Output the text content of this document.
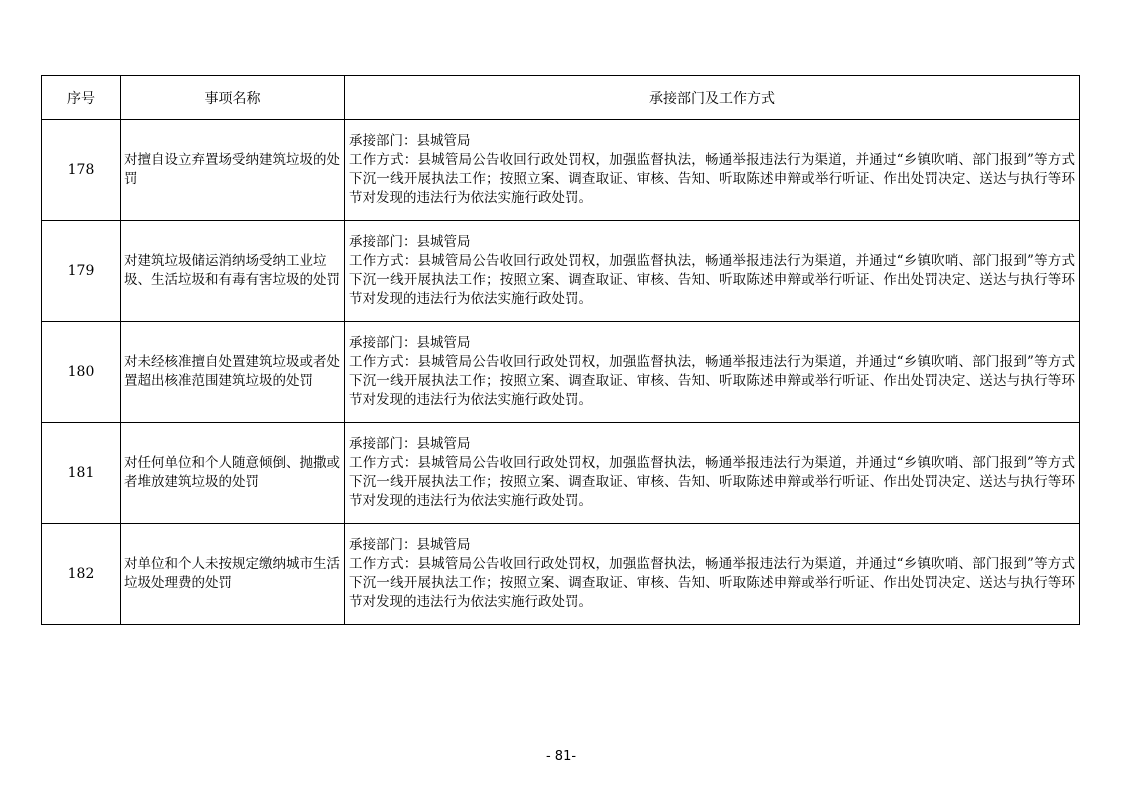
序号	事项名称	承接部门及工作方式
178	对擅自设立弃置场受纳建筑垃圾的处罚	承接部门：县城管局
工作方式：县城管局公告收回行政处罚权，加强监督执法，畅通举报违法行为渠道，并通过“乡镇吹哨、部门报到”等方式下沉一线开展执法工作；按照立案、调查取证、审核、告知、听取陈述申辩或举行听证、作出处罚决定、送达与执行等环节对发现的违法行为依法实施行政处罚。

179	对建筑垃圾储运消纳场受纳工业垃圾、生活垃圾和有毒有害垃圾的处罚	承接部门：县城管局
工作方式：县城管局公告收回行政处罚权，加强监督执法，畅通举报违法行为渠道，并通过“乡镇吹哨、部门报到”等方式下沉一线开展执法工作；按照立案、调查取证、审核、告知、听取陈述申辩或举行听证、作出处罚决定、送达与执行等环节对发现的违法行为依法实施行政处罚。

180	对未经核准擅自处置建筑垃圾或者处置超出核准范围建筑垃圾的处罚	承接部门：县城管局
工作方式：县城管局公告收回行政处罚权，加强监督执法，畅通举报违法行为渠道，并通过“乡镇吹哨、部门报到”等方式下沉一线开展执法工作；按照立案、调查取证、审核、告知、听取陈述申辩或举行听证、作出处罚决定、送达与执行等环节对发现的违法行为依法实施行政处罚。

181	对任何单位和个人随意倾倒、抛撒或者堆放建筑垃圾的处罚	承接部门：县城管局
工作方式：县城管局公告收回行政处罚权，加强监督执法，畅通举报违法行为渠道，并通过“乡镇吹哨、部门报到”等方式下沉一线开展执法工作；按照立案、调查取证、审核、告知、听取陈述申辩或举行听证、作出处罚决定、送达与执行等环节对发现的违法行为依法实施行政处罚。

182	对单位和个人未按规定缴纳城市生活垃圾处理费的处罚	承接部门：县城管局
工作方式：县城管局公告收回行政处罚权，加强监督执法，畅通举报违法行为渠道，并通过“乡镇吹哨、部门报到”等方式下沉一线开展执法工作；按照立案、调查取证、审核、告知、听取陈述申辩或举行听证、作出处罚决定、送达与执行等环节对发现的违法行为依法实施行政处罚。
- 81-
